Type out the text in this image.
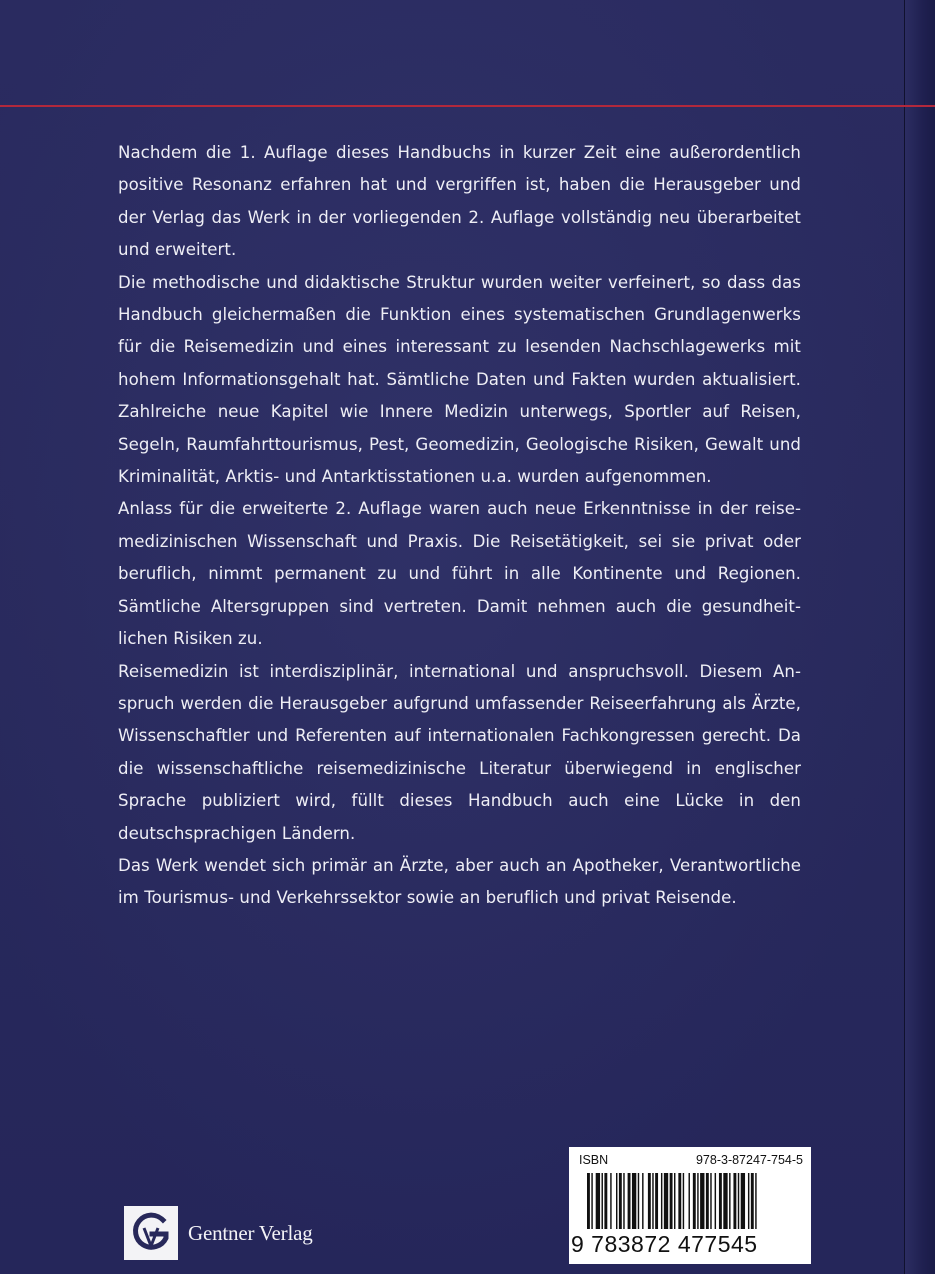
Nachdem die 1. Auflage dieses Handbuchs in kurzer Zeit eine außerordentlich positive Resonanz erfahren hat und vergriffen ist, haben die Herausgeber und der Verlag das Werk in der vorliegenden 2. Auflage vollständig neu überarbeitet und erweitert.

Die methodische und didaktische Struktur wurden weiter verfeinert, so dass das Handbuch gleichermaßen die Funktion eines systematischen Grundlagenwerks für die Reisemedizin und eines interessant zu lesenden Nachschlagewerks mit hohem Informationsgehalt hat. Sämtliche Daten und Fakten wurden aktualisiert. Zahlreiche neue Kapitel wie Innere Medizin unterwegs, Sportler auf Reisen, Segeln, Raumfahrttourismus, Pest, Geomedizin, Geologische Risiken, Gewalt und Kriminalität, Arktis- und Antarktisstationen u.a. wurden aufgenommen.

Anlass für die erweiterte 2. Auflage waren auch neue Erkenntnisse in der reisemedizinischen Wissenschaft und Praxis. Die Reisetätigkeit, sei sie privat oder beruflich, nimmt permanent zu und führt in alle Kontinente und Regionen. Sämtliche Altersgruppen sind vertreten. Damit nehmen auch die gesundheitlichen Risiken zu.

Reisemedizin ist interdisziplinär, international und anspruchsvoll. Diesem Anspruch werden die Herausgeber aufgrund umfassender Reiseerfahrung als Ärzte, Wissenschaftler und Referenten auf internationalen Fachkongressen gerecht. Da die wissenschaftliche reisemedizinische Literatur überwiegend in englischer Sprache publiziert wird, füllt dieses Handbuch auch eine Lücke in den deutschsprachigen Ländern.

Das Werk wendet sich primär an Ärzte, aber auch an Apotheker, Verantwortliche im Tourismus- und Verkehrssektor sowie an beruflich und privat Reisende.

Gentner Verlag
ISBN	978-3-87247-754-5
9 783872 477545
